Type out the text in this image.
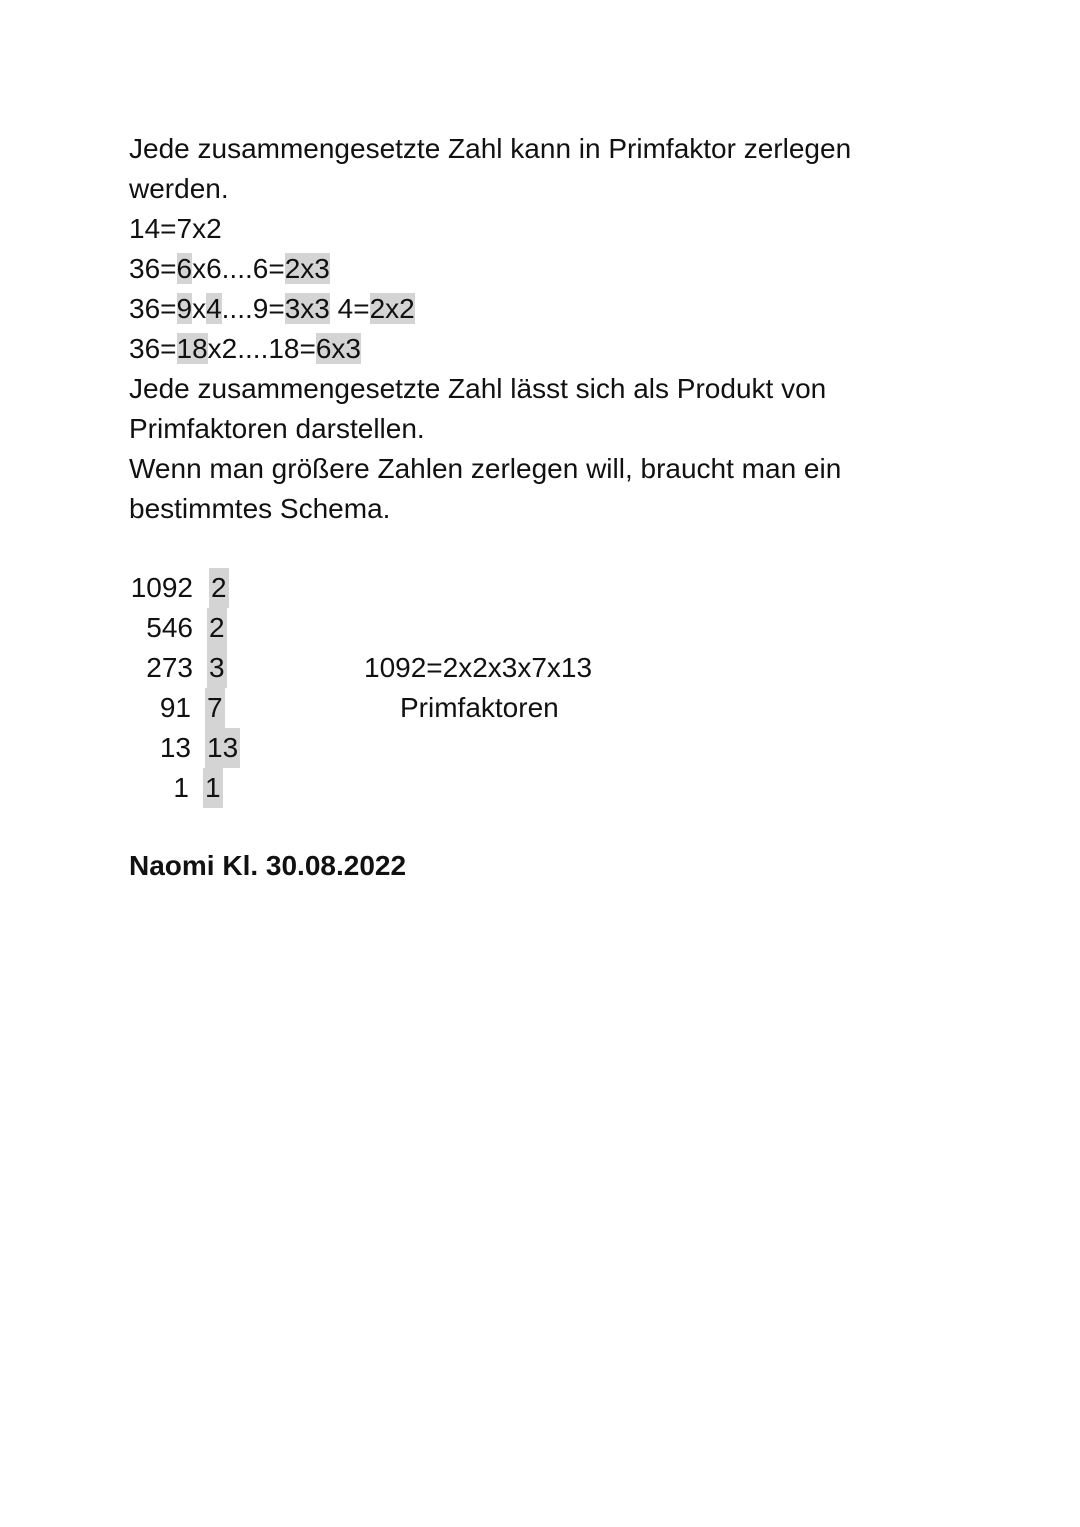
Jede zusammengesetzte Zahl kann in Primfaktor zerlegen
werden.
14=7x2
36=6x6....6=2x3
36=9x4....9=3x3 4=2x2
36=18x2....18=6x3
Jede zusammengesetzte Zahl lässt sich als Produkt von
Primfaktoren darstellen.
Wenn man größere Zahlen zerlegen will, braucht man ein
bestimmtes Schema.
1092 2
546 2
273 3
91 7
13 13
1 1
1092=2x2x3x7x13
Primfaktoren
Naomi Kl. 30.08.2022
